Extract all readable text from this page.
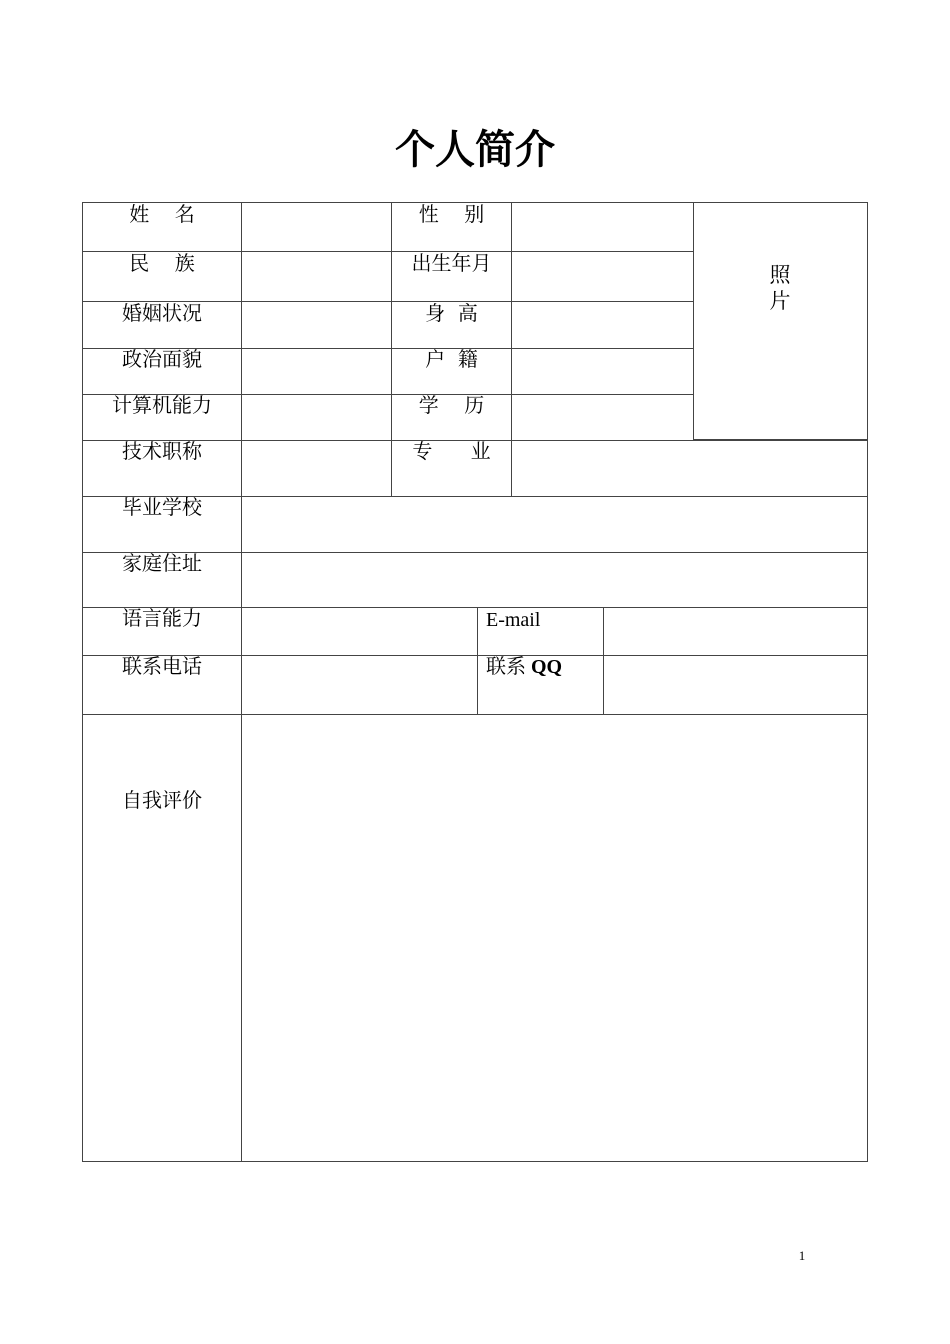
个人简介
姓    名	性    别
民    族	出生年月
婚姻状况	身  高
政治面貌	户  籍
计算机能力	学    历
技术职称	专      业
毕业学校
家庭住址
语言能力	E-mail
联系电话	联系 QQ
自我评价
照
片
1
